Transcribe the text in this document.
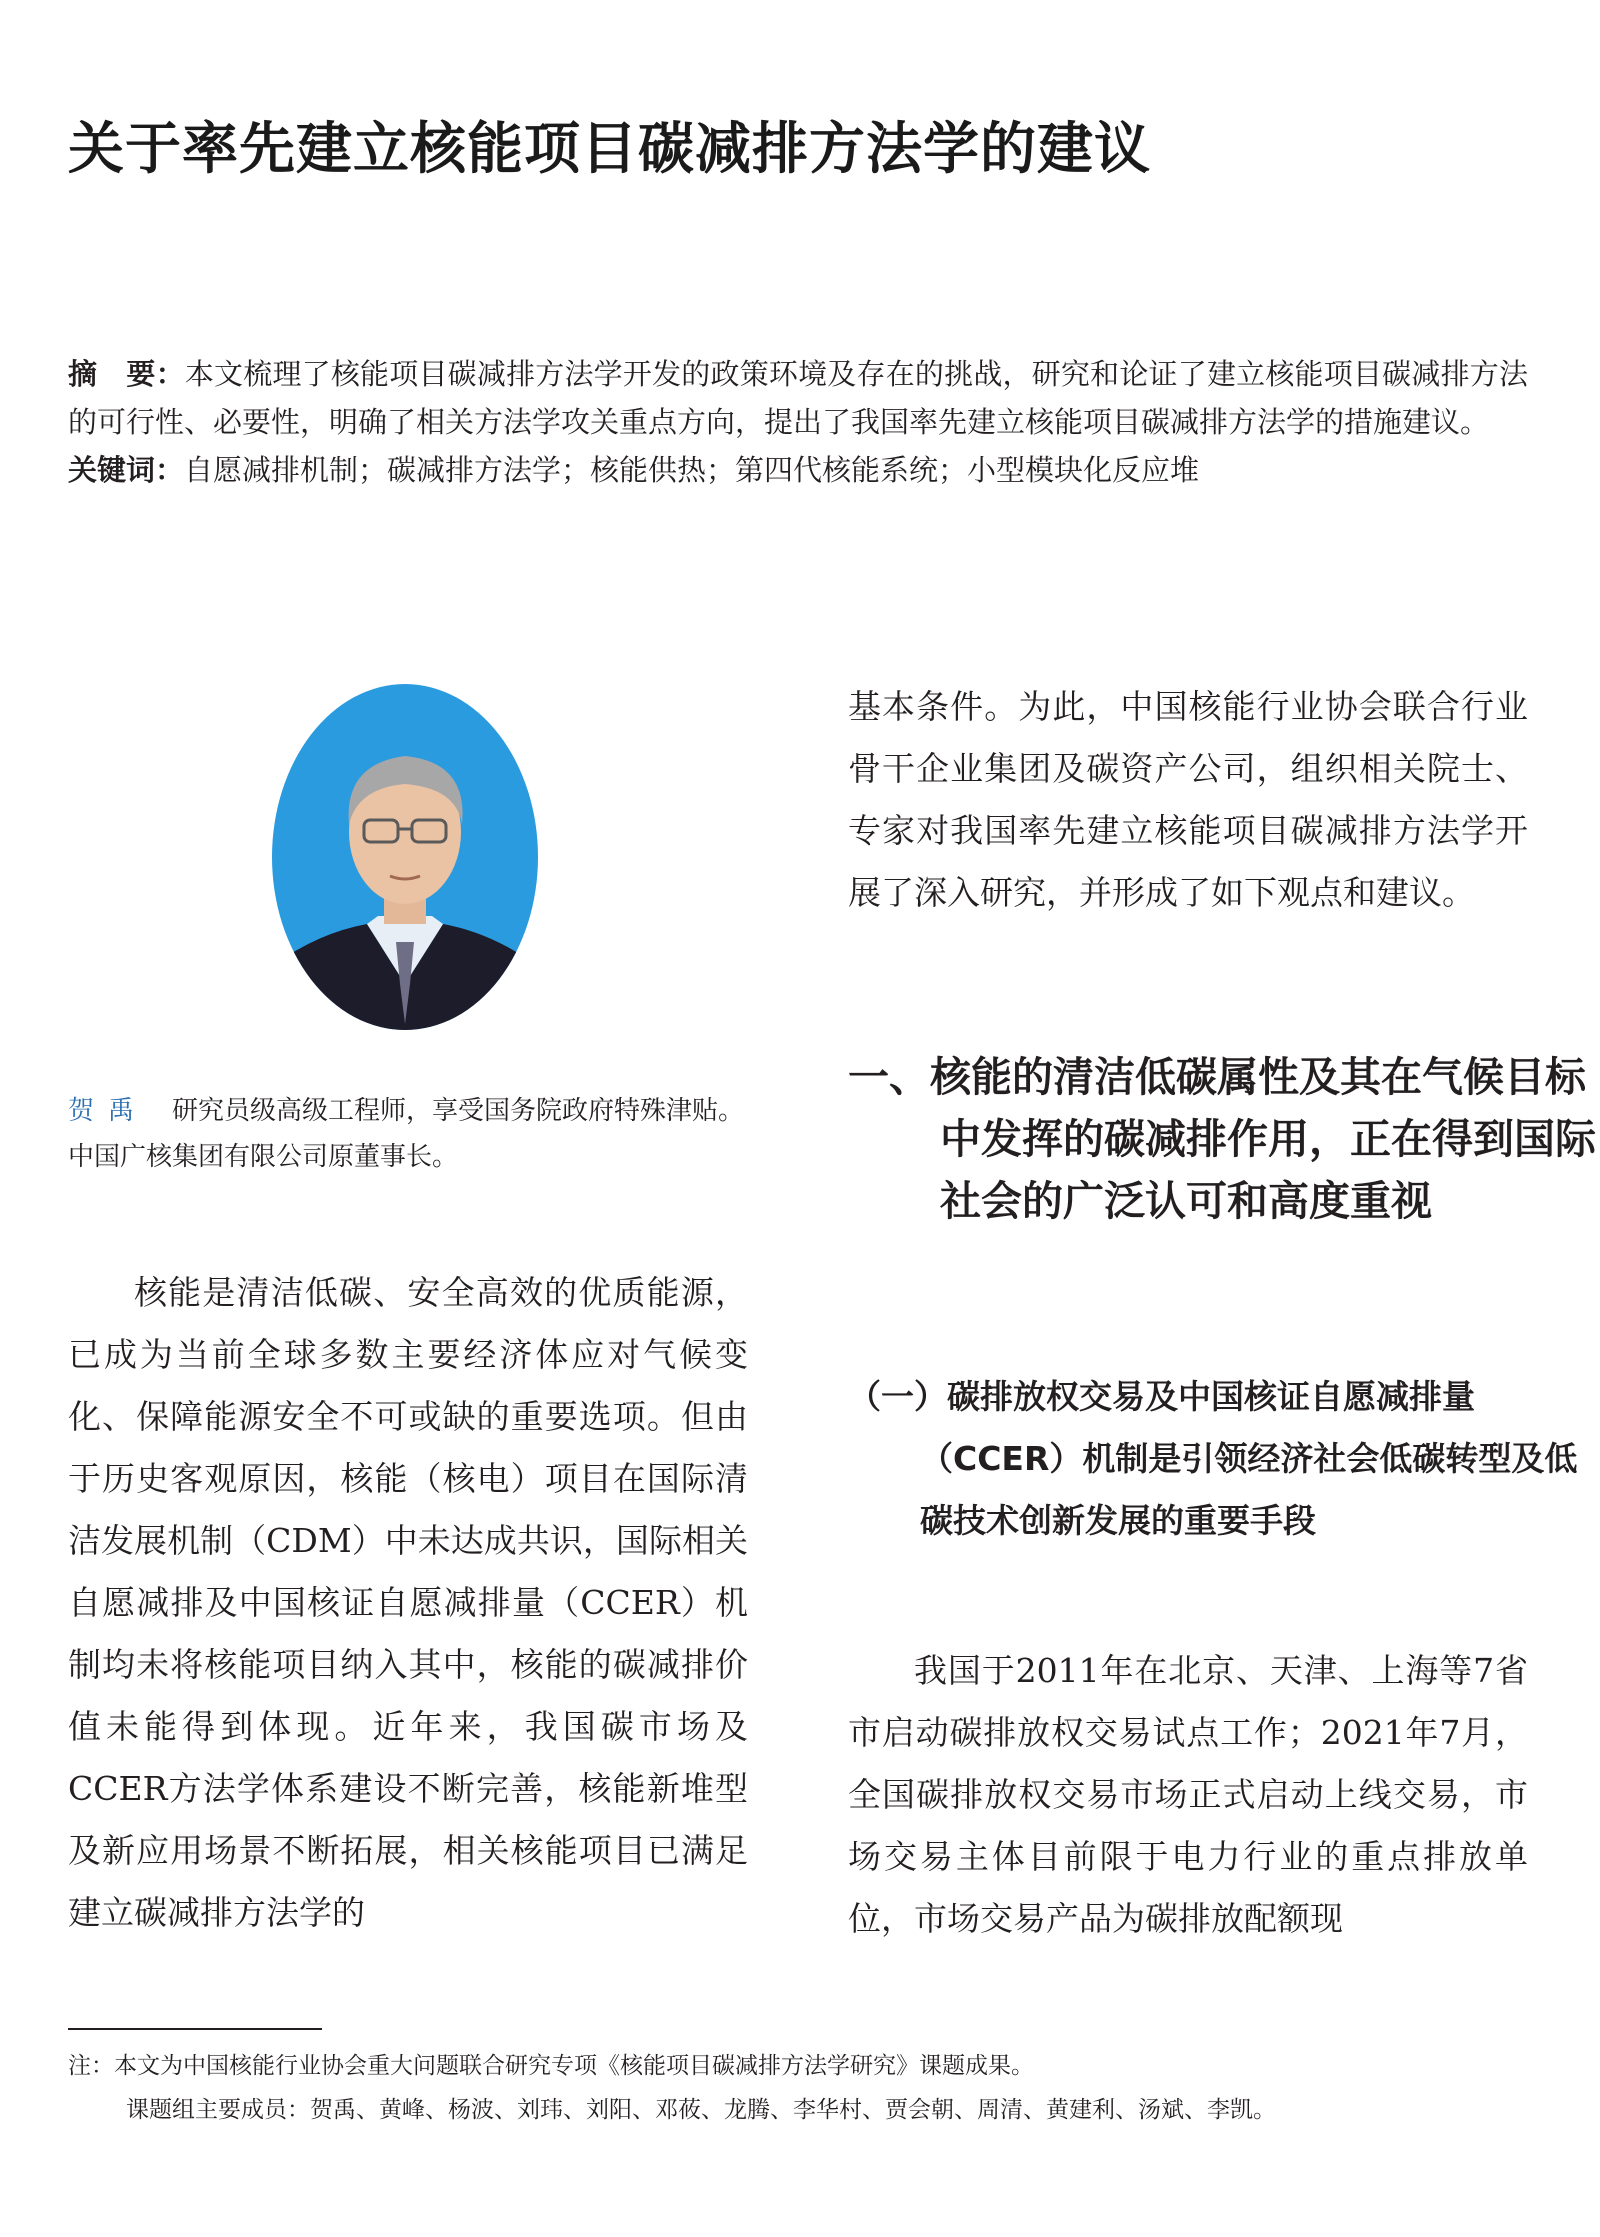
关于率先建立核能项目碳减排方法学的建议

摘　要：本文梳理了核能项目碳减排方法学开发的政策环境及存在的挑战，研究和论证了建立核能项目碳减排方法的可行性、必要性，明确了相关方法学攻关重点方向，提出了我国率先建立核能项目碳减排方法学的措施建议。

关键词：自愿减排机制；碳减排方法学；核能供热；第四代核能系统；小型模块化反应堆

贺禹 研究员级高级工程师，享受国务院政府特殊津贴。中国广核集团有限公司原董事长。

核能是清洁低碳、安全高效的优质能源，已成为当前全球多数主要经济体应对气候变化、保障能源安全不可或缺的重要选项。但由于历史客观原因，核能（核电）项目在国际清洁发展机制（CDM）中未达成共识，国际相关自愿减排及中国核证自愿减排量（CCER）机制均未将核能项目纳入其中，核能的碳减排价值未能得到体现。近年来，我国碳市场及CCER方法学体系建设不断完善，核能新堆型及新应用场景不断拓展，相关核能项目已满足建立碳减排方法学的

基本条件。为此，中国核能行业协会联合行业骨干企业集团及碳资产公司，组织相关院士、专家对我国率先建立核能项目碳减排方法学开展了深入研究，并形成了如下观点和建议。

一、核能的清洁低碳属性及其在气候目标中发挥的碳减排作用，正在得到国际社会的广泛认可和高度重视
（一）碳排放权交易及中国核证自愿减排量（CCER）机制是引领经济社会低碳转型及低碳技术创新发展的重要手段

我国于2011年在北京、天津、上海等7省市启动碳排放权交易试点工作；2021年7月，全国碳排放权交易市场正式启动上线交易，市场交易主体目前限于电力行业的重点排放单位，市场交易产品为碳排放配额现

注：本文为中国核能行业协会重大问题联合研究专项《核能项目碳减排方法学研究》课题成果。

课题组主要成员：贺禹、黄峰、杨波、刘玮、刘阳、邓莜、龙腾、李华村、贾会朝、周清、黄建利、汤斌、李凯。
